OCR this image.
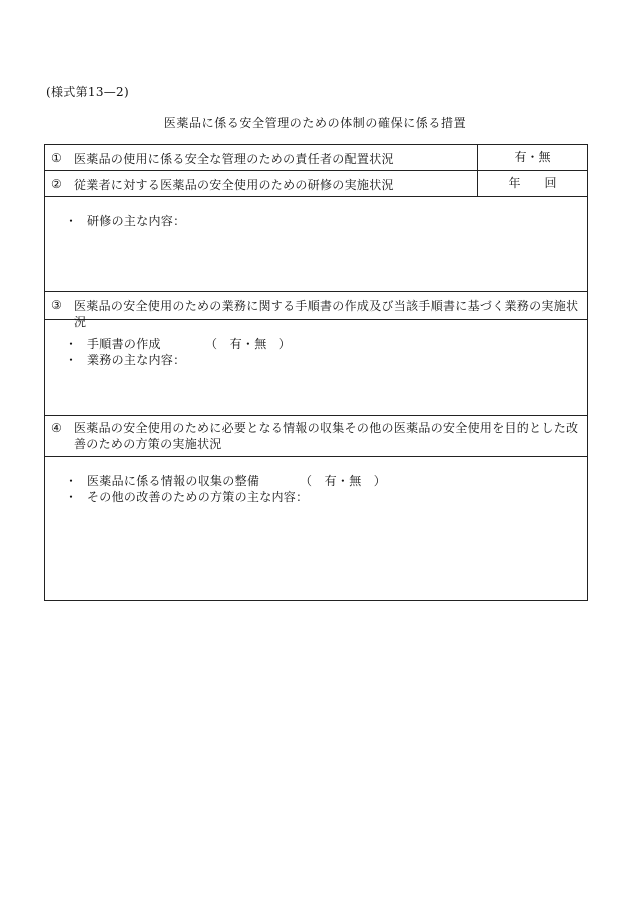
(様式第13—2)
医薬品に係る安全管理のための体制の確保に係る措置
① 医薬品の使用に係る安全な管理のための責任者の配置状況	有・無
② 従業者に対する医薬品の安全使用のための研修の実施状況	年 回
・ 研修の主な内容：
③ 医薬品の安全使用のための業務に関する手順書の作成及び当該手順書に基づく業務の実施状況
・ 手順書の作成	（　有・無　）
・ 業務の主な内容：
④ 医薬品の安全使用のために必要となる情報の収集その他の医薬品の安全使用を目的とした改善のための方策の実施状況
・ 医薬品に係る情報の収集の整備	（　有・無　）
・ その他の改善のための方策の主な内容：
